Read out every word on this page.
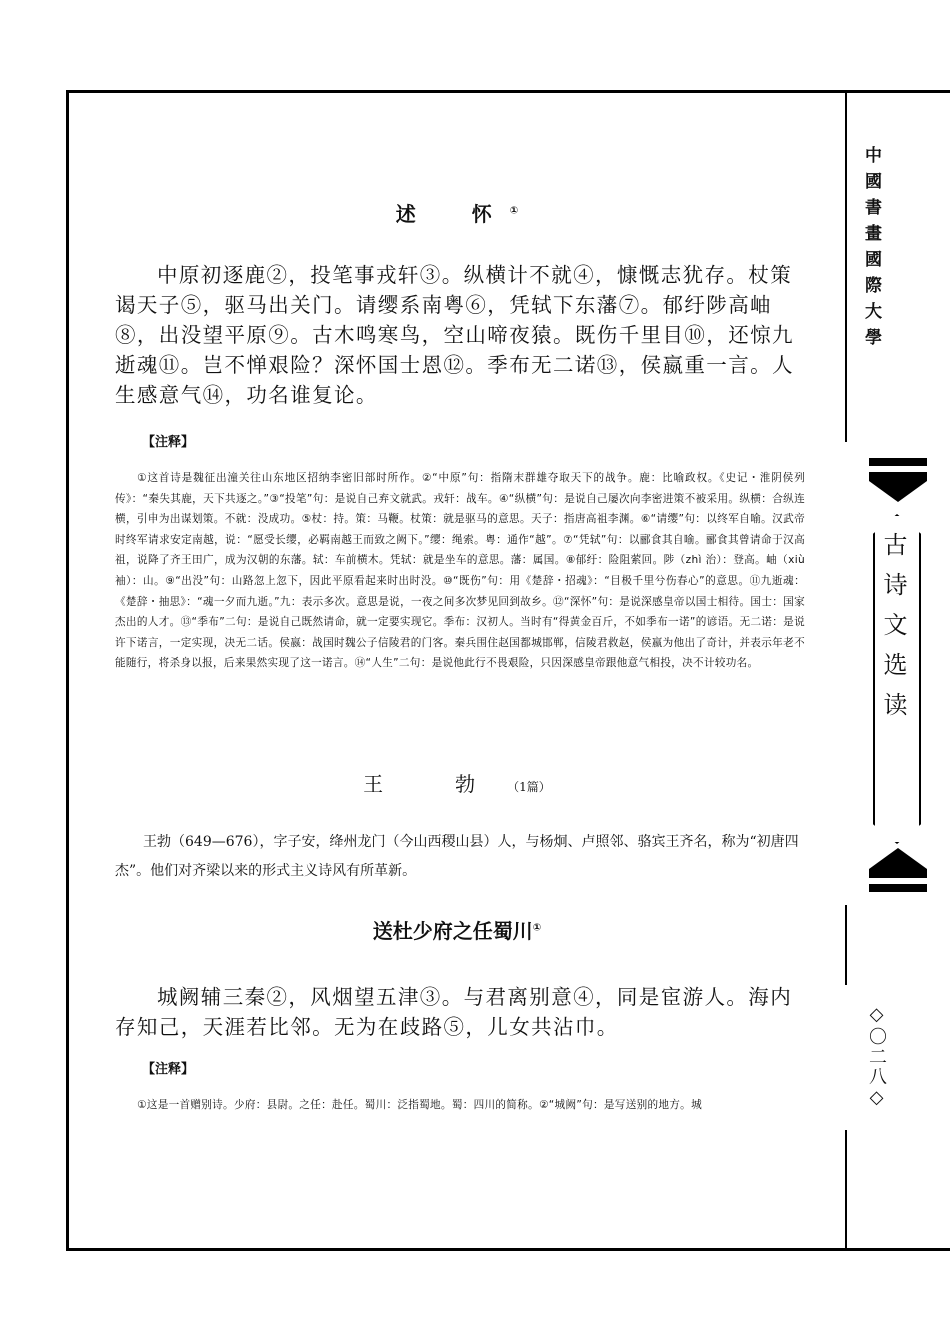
述　怀①
中原初逐鹿②，投笔事戎轩③。纵横计不就④，慷慨志犹存。杖策谒天子⑤，驱马出关门。请缨系南粤⑥，凭轼下东藩⑦。郁纡陟高岫⑧，出没望平原⑨。古木鸣寒鸟，空山啼夜猿。既伤千里目⑩，还惊九逝魂⑪。岂不惮艰险？深怀国士恩⑫。季布无二诺⑬，侯嬴重一言。人生感意气⑭，功名谁复论。
【注释】
①这首诗是魏征出潼关往山东地区招纳李密旧部时所作。②“中原”句：指隋末群雄夺取天下的战争。鹿：比喻政权。《史记・淮阴侯列传》：“秦失其鹿，天下共逐之。”③“投笔”句：是说自己弃文就武。戎轩：战车。④“纵横”句：是说自己屡次向李密进策不被采用。纵横：合纵连横，引申为出谋划策。不就：没成功。⑤杖：持。策：马鞭。杖策：就是驱马的意思。天子：指唐高祖李渊。⑥“请缨”句：以终军自喻。汉武帝时终军请求安定南越，说：“愿受长缨，必羁南越王而致之阙下。”缨：绳索。粤：通作“越”。⑦“凭轼”句：以郦食其自喻。郦食其曾请命于汉高祖，说降了齐王田广，成为汉朝的东藩。轼：车前横木。凭轼：就是坐车的意思。藩：属国。⑧郁纡：险阻萦回。陟（zhì 治）：登高。岫（xiù 袖）：山。⑨“出没”句：山路忽上忽下，因此平原看起来时出时没。⑩“既伤”句：用《楚辞・招魂》：“目极千里兮伤春心”的意思。⑪九逝魂：《楚辞・抽思》：“魂一夕而九逝。”九：表示多次。意思是说，一夜之间多次梦见回到故乡。⑫“深怀”句：是说深感皇帝以国士相待。国士：国家杰出的人才。⑬“季布”二句：是说自己既然请命，就一定要实现它。季布：汉初人。当时有“得黄金百斤，不如季布一诺”的谚语。无二诺：是说许下诺言，一定实现，决无二话。侯嬴：战国时魏公子信陵君的门客。秦兵围住赵国都城邯郸，信陵君救赵，侯嬴为他出了奇计，并表示年老不能随行，将杀身以报，后来果然实现了这一诺言。⑭“人生”二句：是说他此行不畏艰险，只因深感皇帝跟他意气相投，决不计较功名。
王　勃 （1篇）
王勃（649—676），字子安，绛州龙门（今山西稷山县）人，与杨炯、卢照邻、骆宾王齐名，称为“初唐四杰”。他们对齐梁以来的形式主义诗风有所革新。
送杜少府之任蜀川①
城阙辅三秦②，风烟望五津③。与君离别意④，同是宦游人。海内存知己，天涯若比邻。无为在歧路⑤，儿女共沾巾。
【注释】
①这是一首赠别诗。少府：县尉。之任：赴任。蜀川：泛指蜀地。蜀：四川的简称。②“城阙”句：是写送别的地方。城
中國書畫國際大學
古诗文选读
◇〇二八◇
